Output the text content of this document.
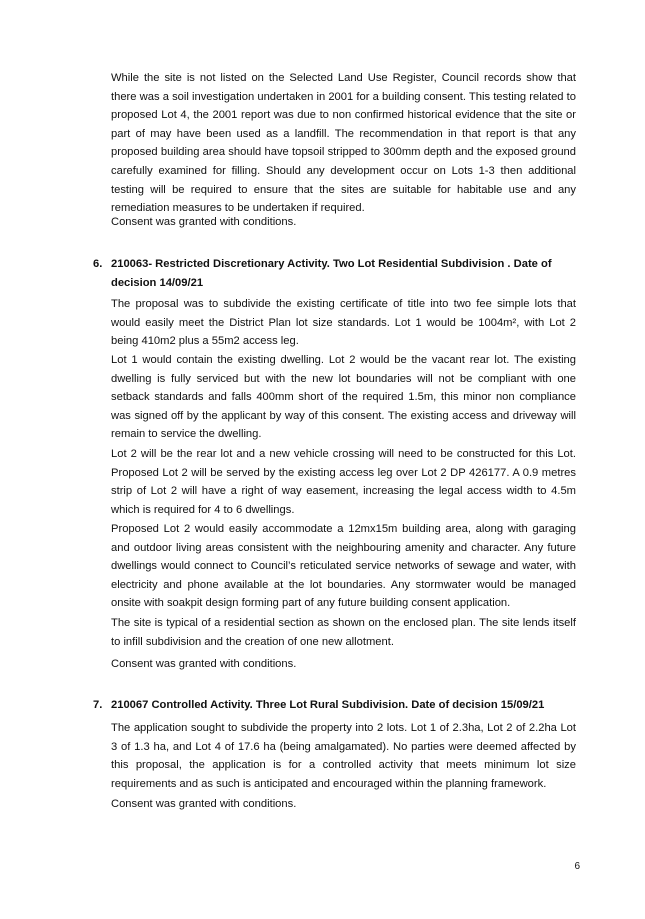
While the site is not listed on the Selected Land Use Register, Council records show that there was a soil investigation undertaken in 2001 for a building consent. This testing related to proposed Lot 4, the 2001 report was due to non confirmed historical evidence that the site or part of may have been used as a landfill. The recommendation in that report is that any proposed building area should have topsoil stripped to 300mm depth and the exposed ground carefully examined for filling. Should any development occur on Lots 1-3 then additional testing will be required to ensure that the sites are suitable for habitable use and any remediation measures to be undertaken if required.

Consent was granted with conditions.

6. 210063- Restricted Discretionary Activity. Two Lot Residential Subdivision . Date of decision 14/09/21

The proposal was to subdivide the existing certificate of title into two fee simple lots that would easily meet the District Plan lot size standards. Lot 1 would be 1004m², with Lot 2 being 410m2 plus a 55m2 access leg.

Lot 1 would contain the existing dwelling. Lot 2 would be the vacant rear lot. The existing dwelling is fully serviced but with the new lot boundaries will not be compliant with one setback standards and falls 400mm short of the required 1.5m, this minor non compliance was signed off by the applicant by way of this consent. The existing access and driveway will remain to service the dwelling.

Lot 2 will be the rear lot and a new vehicle crossing will need to be constructed for this Lot. Proposed Lot 2 will be served by the existing access leg over Lot 2 DP 426177. A 0.9 metres strip of Lot 2 will have a right of way easement, increasing the legal access width to 4.5m which is required for 4 to 6 dwellings.

Proposed Lot 2 would easily accommodate a 12mx15m building area, along with garaging and outdoor living areas consistent with the neighbouring amenity and character. Any future dwellings would connect to Council’s reticulated service networks of sewage and water, with electricity and phone available at the lot boundaries. Any stormwater would be managed onsite with soakpit design forming part of any future building consent application.

The site is typical of a residential section as shown on the enclosed plan. The site lends itself to infill subdivision and the creation of one new allotment.

Consent was granted with conditions.

7. 210067 Controlled Activity. Three Lot Rural Subdivision. Date of decision 15/09/21

The application sought to subdivide the property into 2 lots. Lot 1 of 2.3ha, Lot 2 of 2.2ha Lot 3 of 1.3 ha, and Lot 4 of 17.6 ha (being amalgamated). No parties were deemed affected by this proposal, the application is for a controlled activity that meets minimum lot size requirements and as such is anticipated and encouraged within the planning framework.

Consent was granted with conditions.

6
